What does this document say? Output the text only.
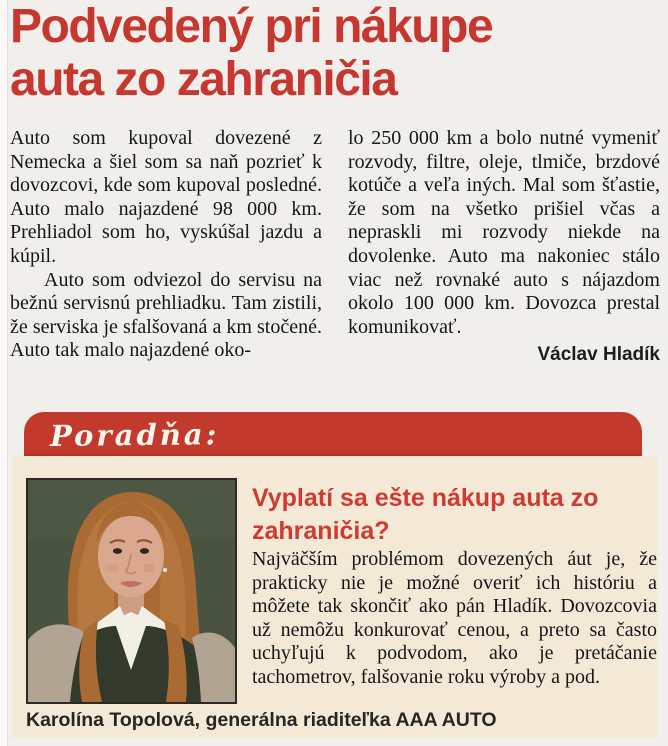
Podvedený pri nákupe
auta zo zahraničia

Auto som kupoval dovezené z Nemecka a šiel som sa naň pozrieť k dovozcovi, kde som kupoval posledné. Auto malo najazdené 98 000 km. Prehliadol som ho, vyskúšal jazdu a kúpil.

Auto som odviezol do servisu na bežnú servisnú prehliadku. Tam zistili, že serviska je sfalšovaná a km stočené. Auto tak malo najazdené oko-

lo 250 000 km a bolo nutné vymeniť rozvody, filtre, oleje, tlmiče, brzdové kotúče a veľa iných. Mal som šťastie, že som na všetko prišiel včas a nepraskli mi rozvody niekde na dovolenke. Auto ma nakoniec stálo viac než rovnaké auto s nájazdom okolo 100 000 km. Dovozca prestal komunikovať.

Václav Hladík
Poradňa:
Vyplatí sa ešte nákup auta zo zahraničia?
Najväčším problémom dovezených áut je, že prakticky nie je možné overiť ich históriu a môžete tak skončiť ako pán Hladík. Dovozcovia už nemôžu konkurovať cenou, a preto sa často uchyľujú k podvodom, ako je pretáčanie tachometrov, falšovanie roku výroby a pod.
Karolína Topolová, generálna riaditeľka AAA AUTO
